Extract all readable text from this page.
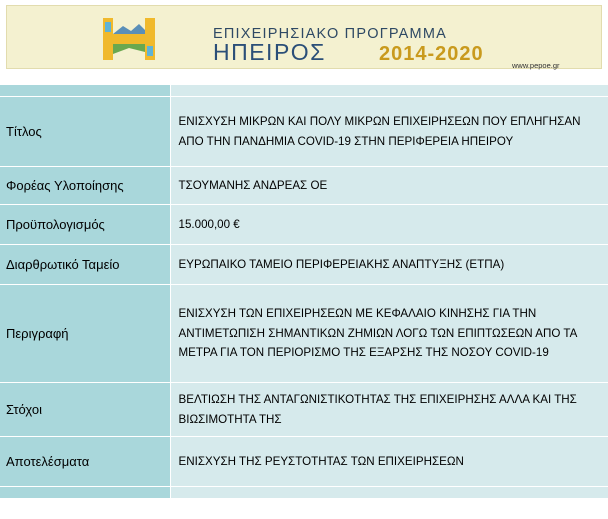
ΕΠΙΧΕΙΡΗΣΙΑΚΟ ΠΡΟΓΡΑΜΜΑ
ΗΠΕΙΡΟΣ	2014-2020
www.pepoe.gr

Τίτλος	ΕΝΙΣΧΥΣΗ ΜΙΚΡΩΝ ΚΑΙ ΠΟΛΥ ΜΙΚΡΩΝ ΕΠΙΧΕΙΡΗΣΕΩΝ ΠΟΥ ΕΠΛΗΓΗΣΑΝ ΑΠΟ ΤΗΝ ΠΑΝΔΗΜΙΑ COVID-19 ΣΤΗΝ ΠΕΡΙΦΕΡΕΙΑ ΗΠΕΙΡΟΥ
Φορέας Υλοποίησης	ΤΣΟΥΜΑΝΗΣ ΑΝΔΡΕΑΣ ΟΕ
Προϋπολογισμός	15.000,00 €
Διαρθρωτικό Ταμείο	ΕΥΡΩΠΑΙΚΟ ΤΑΜΕΙΟ ΠΕΡΙΦΕΡΕΙΑΚΗΣ ΑΝΑΠΤΥΞΗΣ (ΕΤΠΑ)
Περιγραφή	ΕΝΙΣΧΥΣΗ ΤΩΝ ΕΠΙΧΕΙΡΗΣΕΩΝ ΜΕ ΚΕΦΑΛΑΙΟ ΚΙΝΗΣΗΣ ΓΙΑ ΤΗΝ ΑΝΤΙΜΕΤΩΠΙΣΗ ΣΗΜΑΝΤΙΚΩΝ ΖΗΜΙΩΝ ΛΟΓΩ ΤΩΝ ΕΠΙΠΤΩΣΕΩΝ ΑΠΟ ΤΑ ΜΕΤΡΑ ΓΙΑ ΤΟΝ ΠΕΡΙΟΡΙΣΜΟ ΤΗΣ ΕΞΑΡΣΗΣ ΤΗΣ ΝΟΣΟΥ COVID-19
Στόχοι	ΒΕΛΤΙΩΣΗ ΤΗΣ ΑΝΤΑΓΩΝΙΣΤΙΚΟΤΗΤΑΣ ΤΗΣ ΕΠΙΧΕΙΡΗΣΗΣ ΑΛΛΑ ΚΑΙ ΤΗΣ ΒΙΩΣΙΜΟΤΗΤΑ ΤΗΣ
Αποτελέσματα	ΕΝΙΣΧΥΣΗ ΤΗΣ ΡΕΥΣΤΟΤΗΤΑΣ ΤΩΝ ΕΠΙΧΕΙΡΗΣΕΩΝ
